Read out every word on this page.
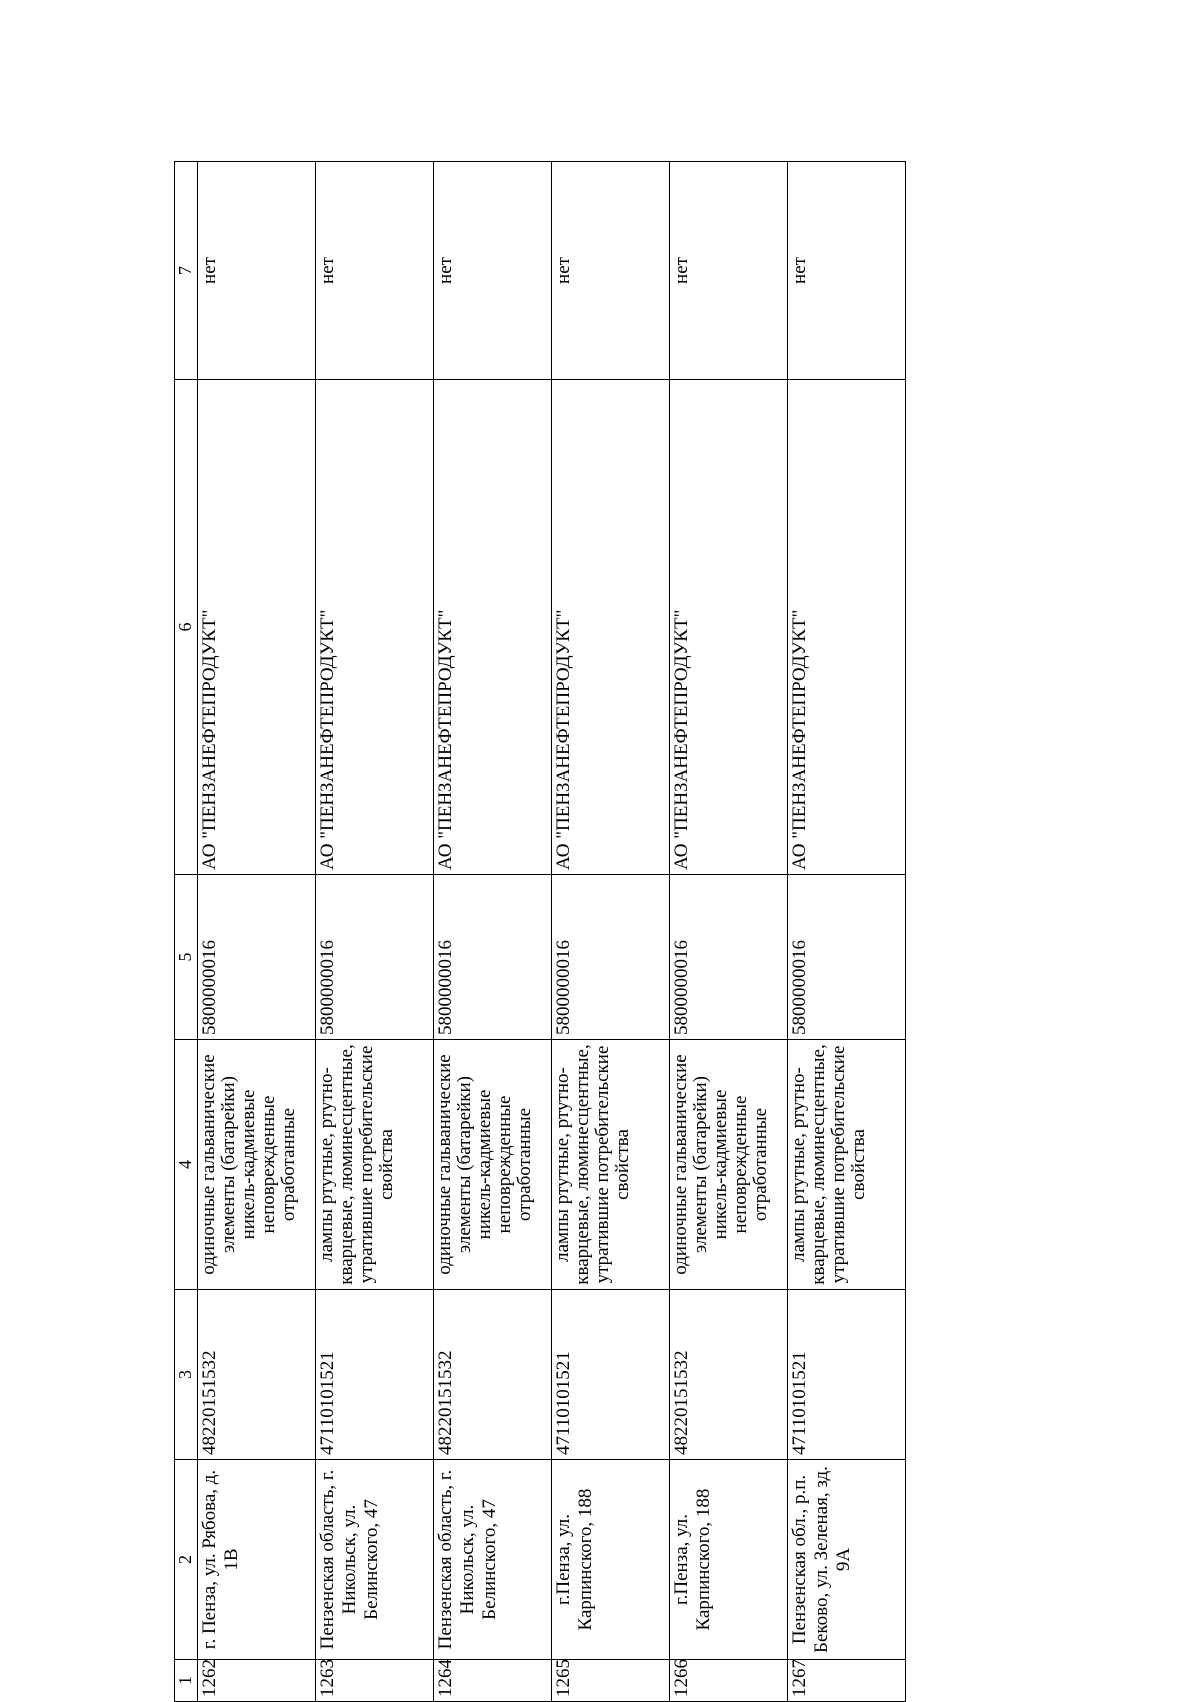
1	2	3	4	5	6	7
1262	г. Пенза, ул. Рябова, д. 1В	48220151532	одиночные гальванические элементы (батарейки) никель-кадмиевые неповрежденные отработанные	5800000016	АО "ПЕНЗАНЕФТЕПРОДУКТ"	нет
1263	Пензенская область, г. Никольск, ул. Белинского, 47	47110101521	лампы ртутные, ртутно-кварцевые, люминесцентные, утратившие потребительские свойства	5800000016	АО "ПЕНЗАНЕФТЕПРОДУКТ"	нет
1264	Пензенская область, г. Никольск, ул. Белинского, 47	48220151532	одиночные гальванические элементы (батарейки) никель-кадмиевые неповрежденные отработанные	5800000016	АО "ПЕНЗАНЕФТЕПРОДУКТ"	нет
1265	г.Пенза, ул. Карпинского, 188	47110101521	лампы ртутные, ртутно-кварцевые, люминесцентные, утратившие потребительские свойства	5800000016	АО "ПЕНЗАНЕФТЕПРОДУКТ"	нет
1266	г.Пенза, ул. Карпинского, 188	48220151532	одиночные гальванические элементы (батарейки) никель-кадмиевые неповрежденные отработанные	5800000016	АО "ПЕНЗАНЕФТЕПРОДУКТ"	нет
1267	Пензенская обл., р.п. Беково, ул. Зеленая, зд. 9А	47110101521	лампы ртутные, ртутно-кварцевые, люминесцентные, утратившие потребительские свойства	5800000016	АО "ПЕНЗАНЕФТЕПРОДУКТ"	нет
